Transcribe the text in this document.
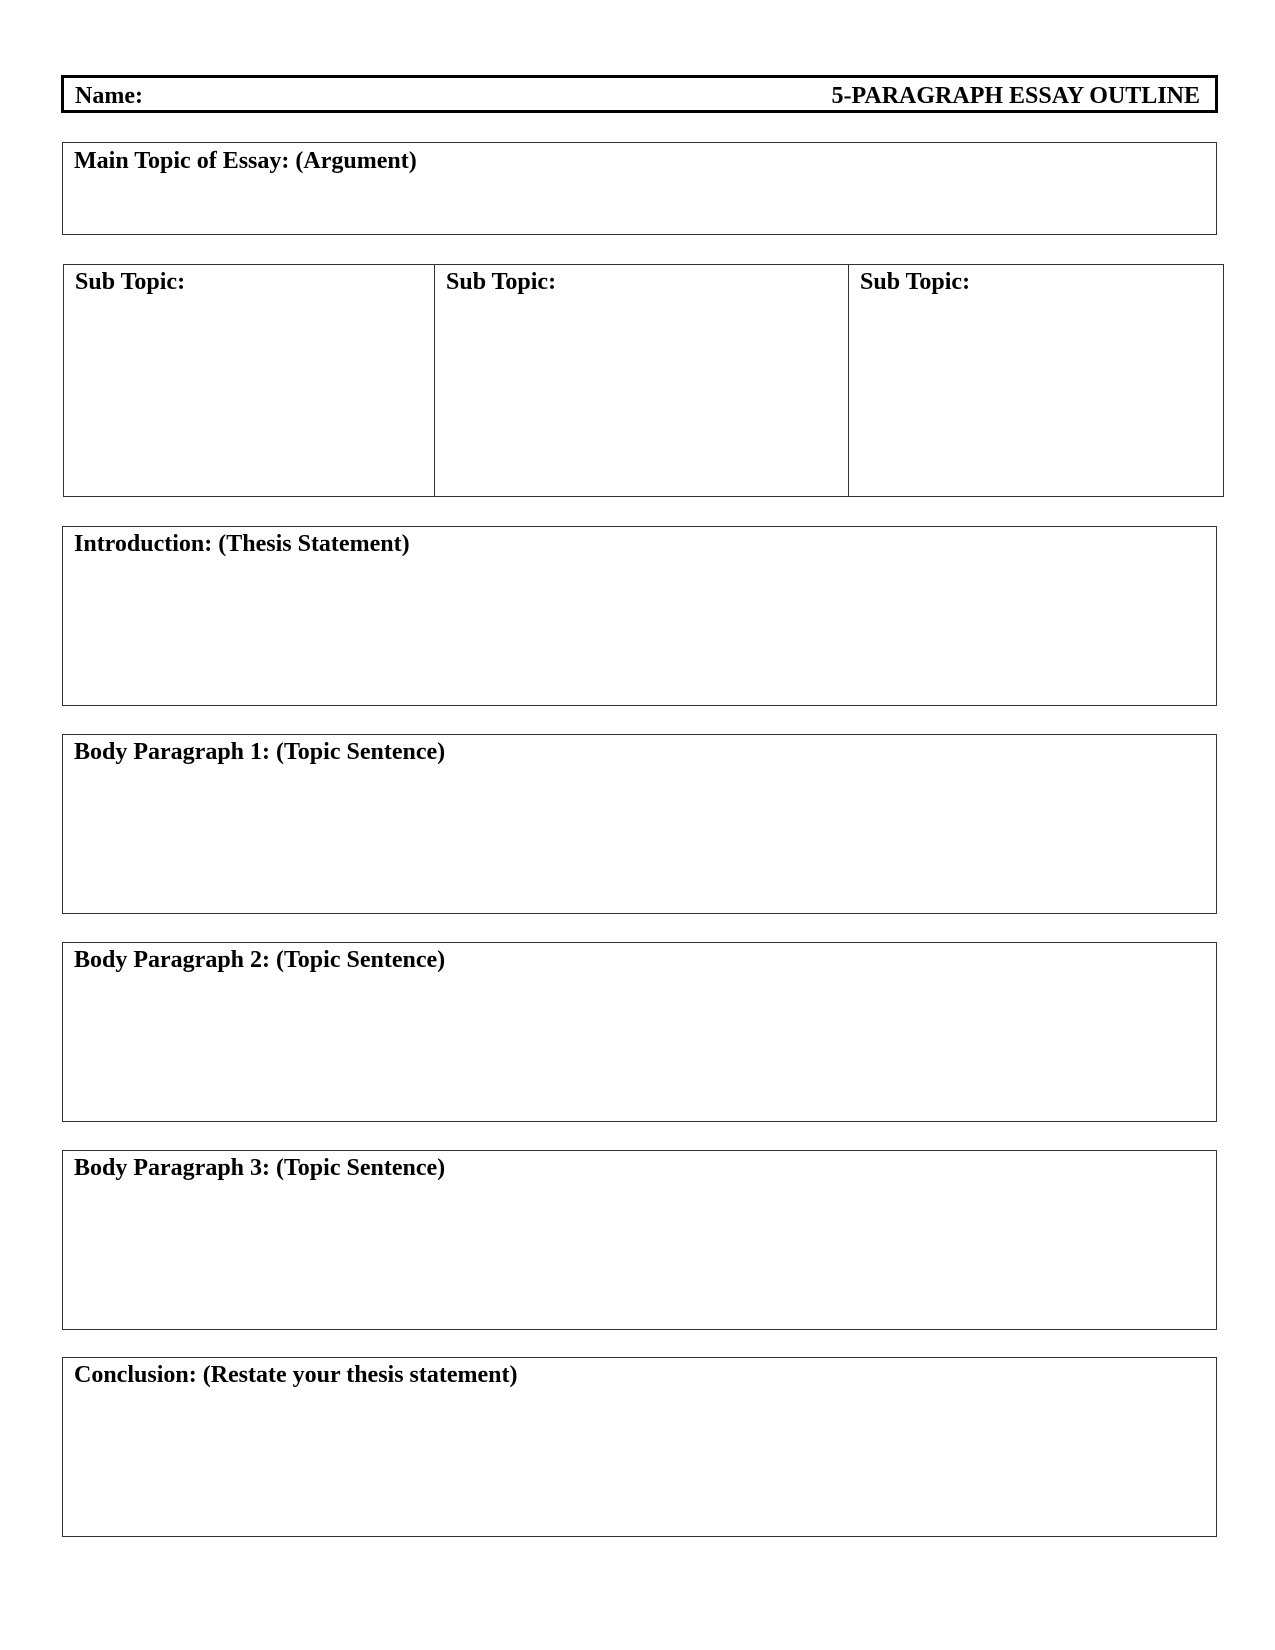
Name:	5-PARAGRAPH ESSAY OUTLINE
Main Topic of Essay: (Argument)
Sub Topic:	Sub Topic:	Sub Topic:
Introduction: (Thesis Statement)
Body Paragraph 1: (Topic Sentence)
Body Paragraph 2: (Topic Sentence)
Body Paragraph 3: (Topic Sentence)
Conclusion: (Restate your thesis statement)
